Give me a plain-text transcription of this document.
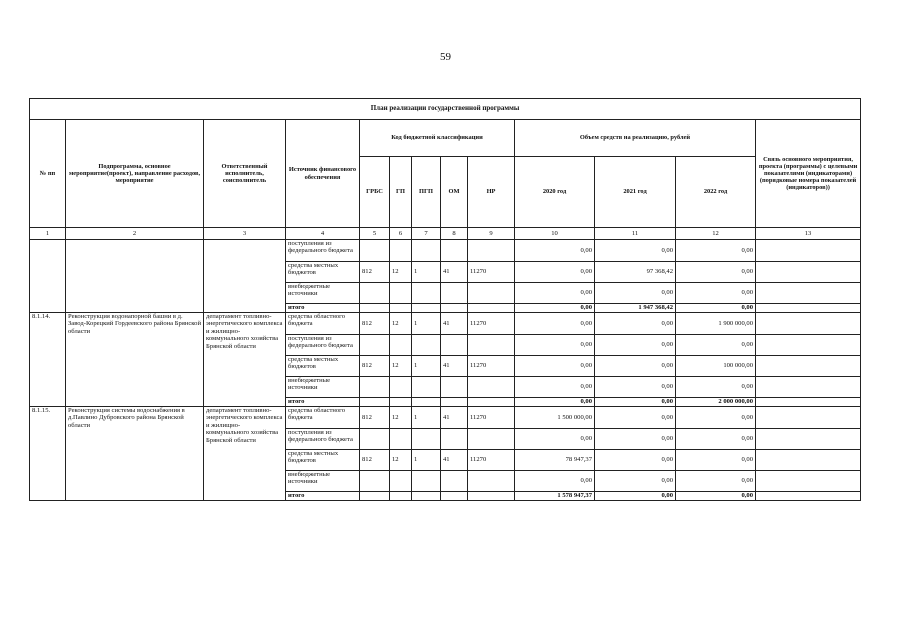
59
План реализации государственной программы												
№ пп	Подпрограмма, основное мероприятие(проект), направление расходов, мероприятие	Ответственный исполнитель, соисполнитель	Источник финансового обеспечения	Код бюджетной классификации					Объем средств на реализацию, рублей			Связь основного мероприятия, проекта (программы) с целевыми показателями (индикаторами) (порядковые номера показателей (индикаторов))
				ГРБС	ГП	ПГП	ОМ	НР	2020 год	2021 год	2022 год	
1	2	3	4	5	6	7	8	9	10	11	12	13
			поступления из федерального бюджета						0,00	0,00	0,00	
			средства местных бюджетов	812	12	1	41	11270	0,00	97 368,42	0,00	
			внебюджетные источники						0,00	0,00	0,00	
			итого						0,00	1 947 368,42	0,00	
8.1.14.	Реконструкция водонапорной башни в д. Завод-Корецкий Гордеевского района Брянской области	департамент топливно-энергетического комплекса и жилищно-коммунального хозяйства Брянской области	средства областного бюджета	812	12	1	41	11270	0,00	0,00	1 900 000,00	
			поступления из федерального бюджета						0,00	0,00	0,00	
			средства местных бюджетов	812	12	1	41	11270	0,00	0,00	100 000,00	
			внебюджетные источники						0,00	0,00	0,00	
			итого						0,00	0,00	2 000 000,00	
8.1.15.	Реконструкция системы водоснабжения в д.Павлино Дубровского района Брянской области	департамент топливно-энергетического комплекса и жилищно-коммунального хозяйства Брянской области	средства областного бюджета	812	12	1	41	11270	1 500 000,00	0,00	0,00	
			поступления из федерального бюджета						0,00	0,00	0,00	
			средства местных бюджетов	812	12	1	41	11270	78 947,37	0,00	0,00	
			внебюджетные источники						0,00	0,00	0,00	
			итого						1 578 947,37	0,00	0,00	
